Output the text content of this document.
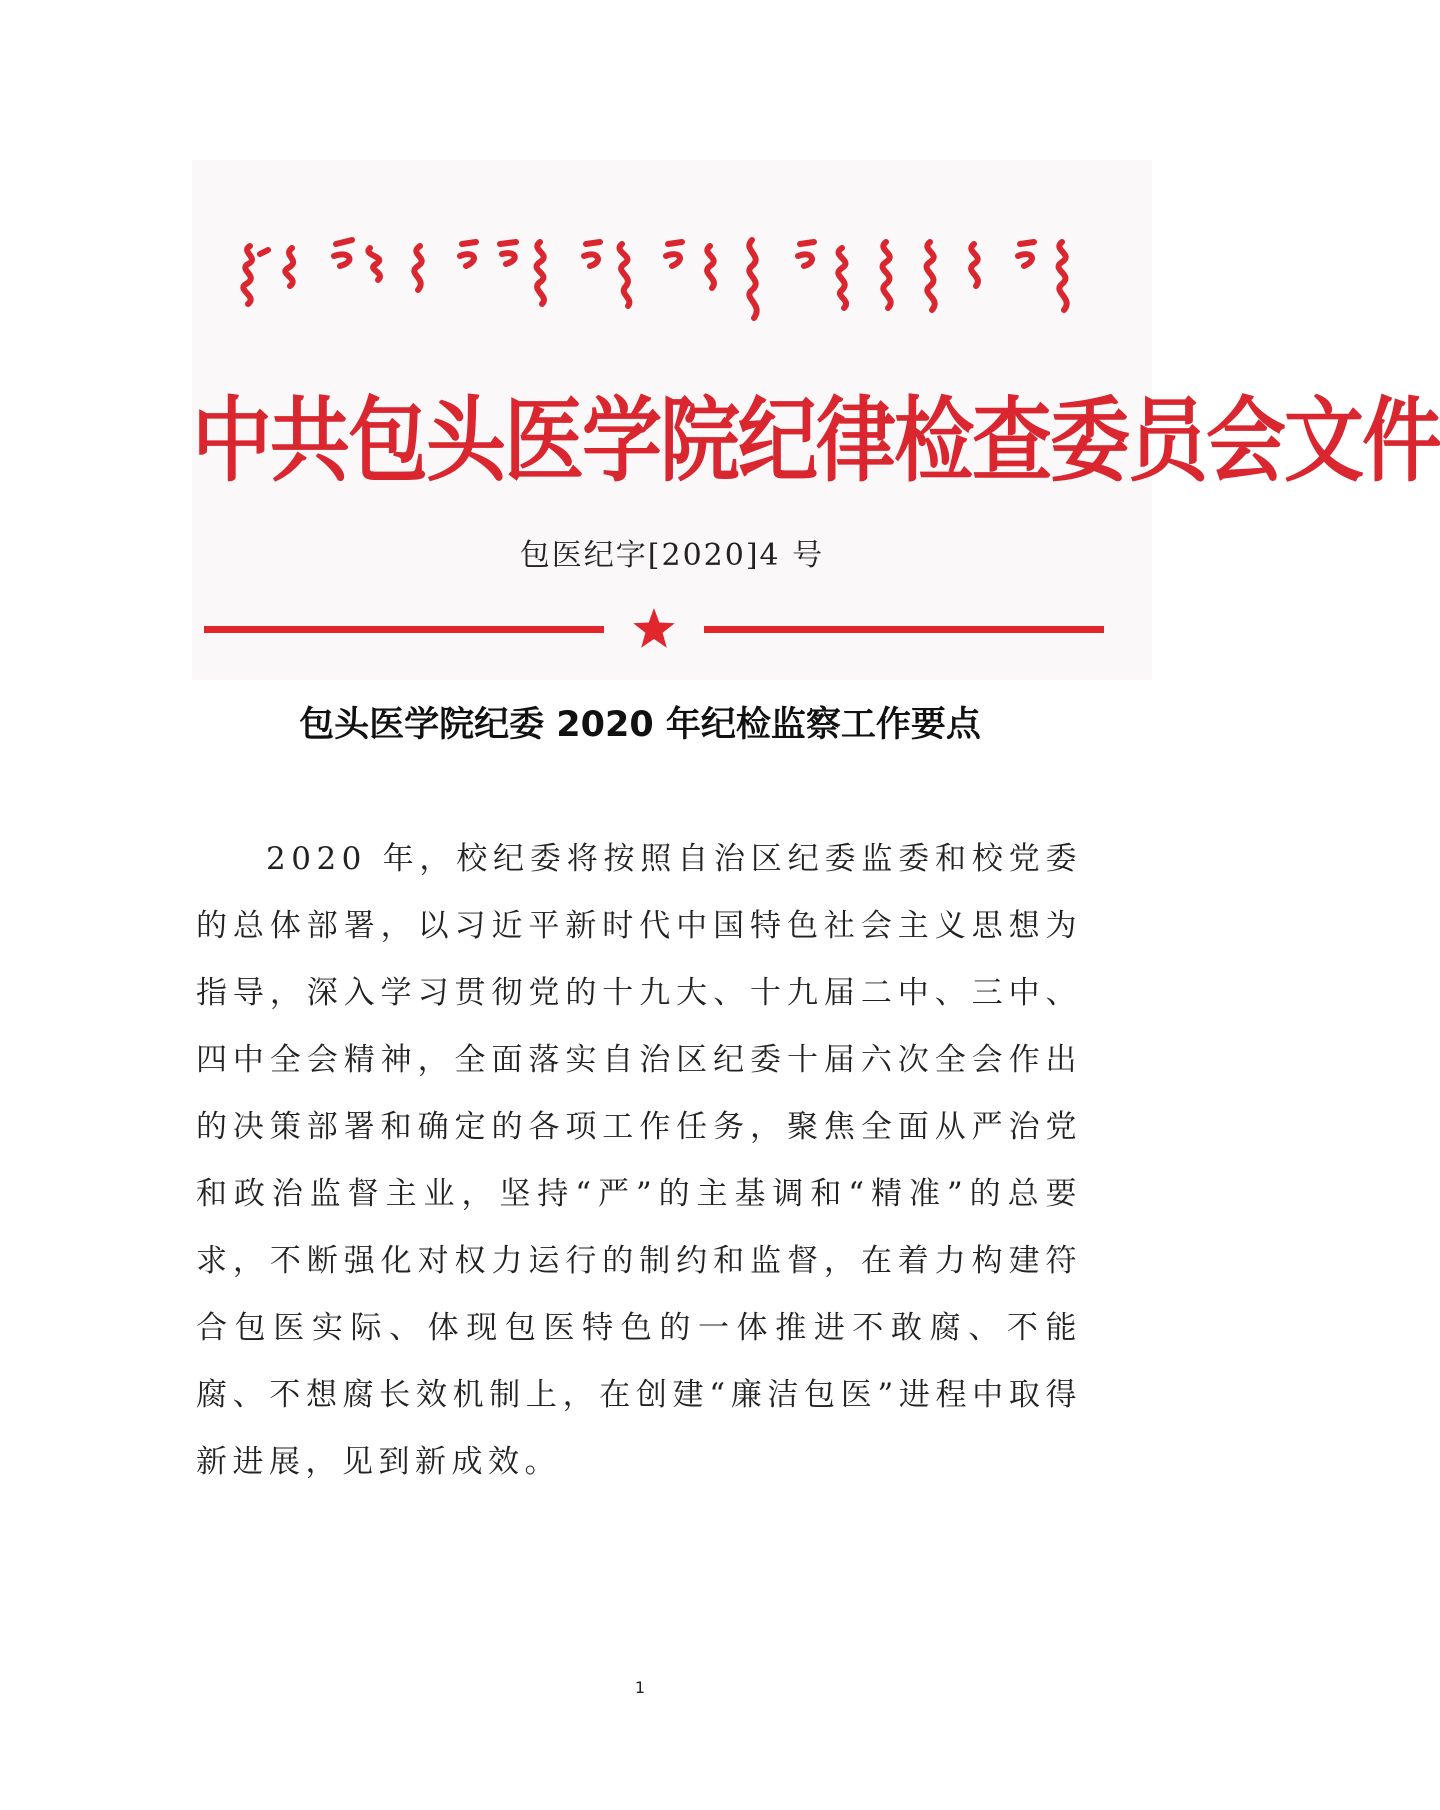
中共包头医学院纪律检查委员会文件
包医纪字[2020]4 号
包头医学院纪委 2020 年纪检监察工作要点

2020 年，校纪委将按照自治区纪委监委和校党委的总体部署，以习近平新时代中国特色社会主义思想为指导，深入学习贯彻党的十九大、十九届二中、三中、四中全会精神，全面落实自治区纪委十届六次全会作出的决策部署和确定的各项工作任务，聚焦全面从严治党和政治监督主业，坚持“严”的主基调和“精准”的总要求，不断强化对权力运行的制约和监督，在着力构建符合包医实际、体现包医特色的一体推进不敢腐、不能腐、不想腐长效机制上，在创建“廉洁包医”进程中取得新进展，见到新成效。

1
